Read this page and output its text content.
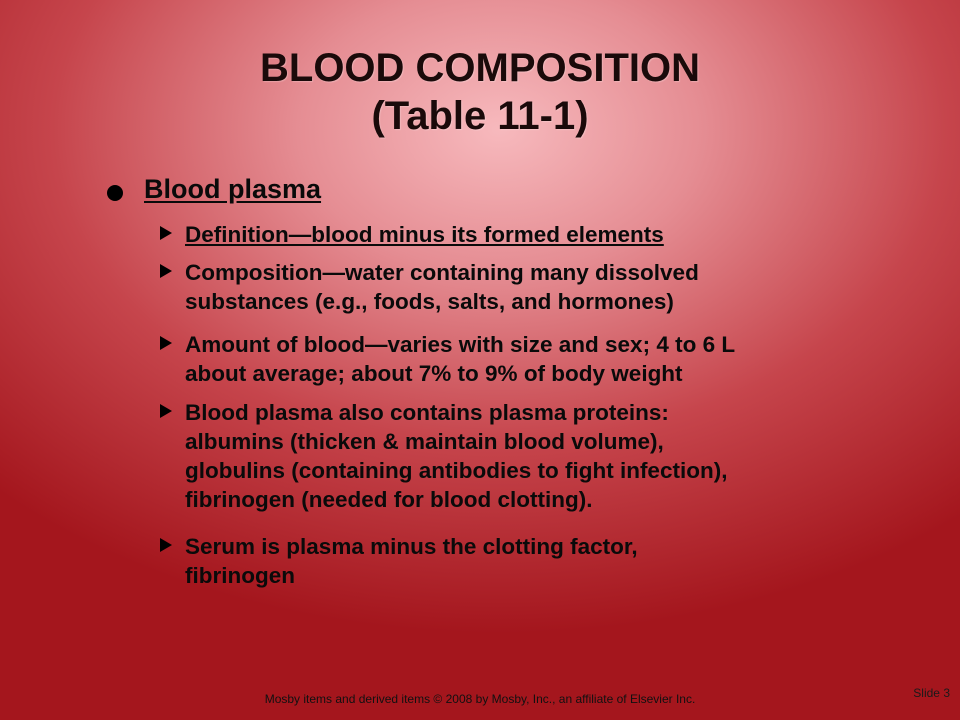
BLOOD COMPOSITION
(Table 11-1)
Blood plasma
Definition—blood minus its formed elements
Composition—water containing many dissolved
substances (e.g., foods, salts, and hormones)
Amount of blood—varies with size and sex; 4 to 6 L
about average; about 7% to 9% of body weight
Blood plasma also contains plasma proteins:
albumins (thicken & maintain blood volume),
globulins (containing antibodies to fight infection),
fibrinogen (needed for blood clotting).
Serum is plasma minus the clotting factor,
fibrinogen
Mosby items and derived items © 2008 by Mosby, Inc., an affiliate of Elsevier Inc.	Slide 3
